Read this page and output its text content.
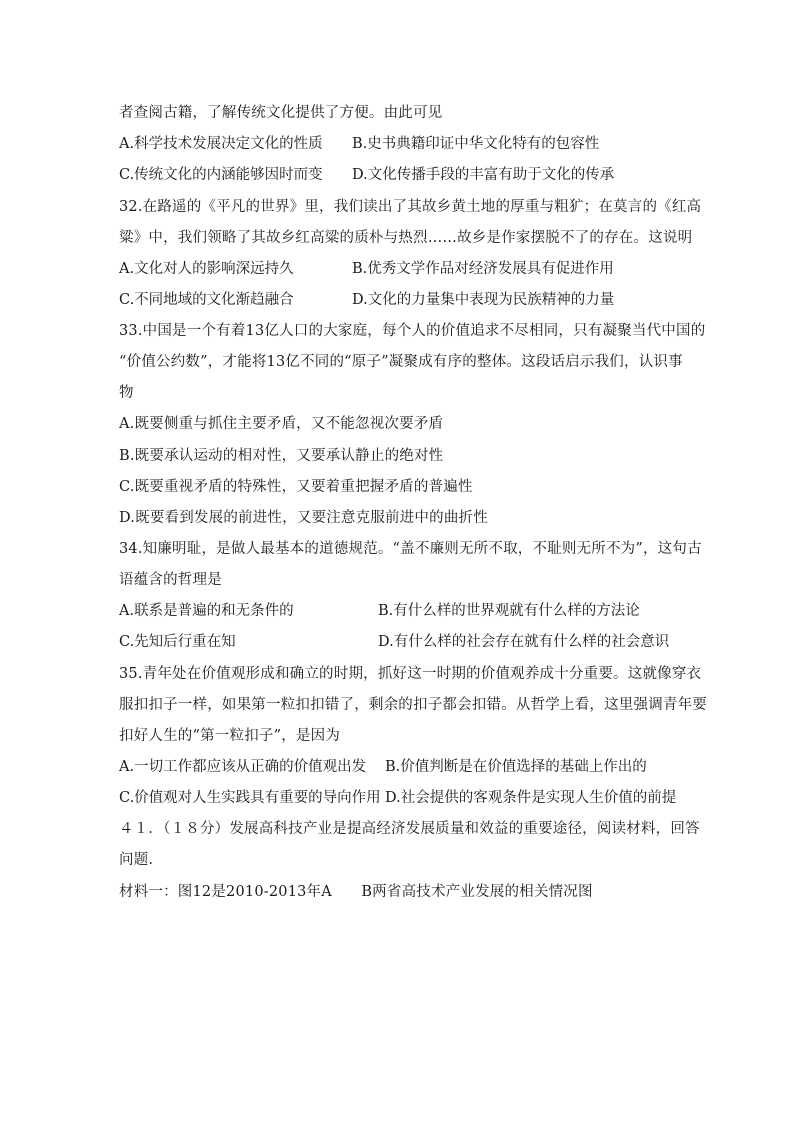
者查阅古籍，了解传统文化提供了方便。由此可见
A.科学技术发展决定文化的性质 B.史书典籍印证中华文化特有的包容性
C.传统文化的内涵能够因时而变 D.文化传播手段的丰富有助于文化的传承
32.在路遥的《平凡的世界》里，我们读出了其故乡黄土地的厚重与粗犷；在莫言的《红高
粱》中，我们领略了其故乡红高粱的质朴与热烈……故乡是作家摆脱不了的存在。这说明
A.文化对人的影响深远持久	B.优秀文学作品对经济发展具有促进作用
C.不同地域的文化渐趋融合	D.文化的力量集中表现为民族精神的力量
33.中国是一个有着13亿人口的大家庭，每个人的价值追求不尽相同，只有凝聚当代中国的
“价值公约数”，才能将13亿不同的“原子”凝聚成有序的整体。这段话启示我们，认识事
物
A.既要侧重与抓住主要矛盾，又不能忽视次要矛盾
B.既要承认运动的相对性，又要承认静止的绝对性
C.既要重视矛盾的特殊性，又要着重把握矛盾的普遍性
D.既要看到发展的前进性，又要注意克服前进中的曲折性
34.知廉明耻，是做人最基本的道德规范。“盖不廉则无所不取，不耻则无所不为”，这句古
语蕴含的哲理是
A.联系是普遍的和无条件的	B.有什么样的世界观就有什么样的方法论
C.先知后行重在知	D.有什么样的社会存在就有什么样的社会意识
35.青年处在价值观形成和确立的时期，抓好这一时期的价值观养成十分重要。这就像穿衣
服扣扣子一样，如果第一粒扣扣错了，剩余的扣子都会扣错。从哲学上看，这里强调青年要
扣好人生的“第一粒扣子”，是因为
A.一切工作都应该从正确的价值观出发 B.价值判断是在价值选择的基础上作出的
C.价值观对人生实践具有重要的导向作用 D.社会提供的客观条件是实现人生价值的前提
４１．（１８分）发展高科技产业是提高经济发展质量和效益的重要途径，阅读材料，回答
问题.
材料一：图12是2010-2013年A　　B两省高技术产业发展的相关情况图
